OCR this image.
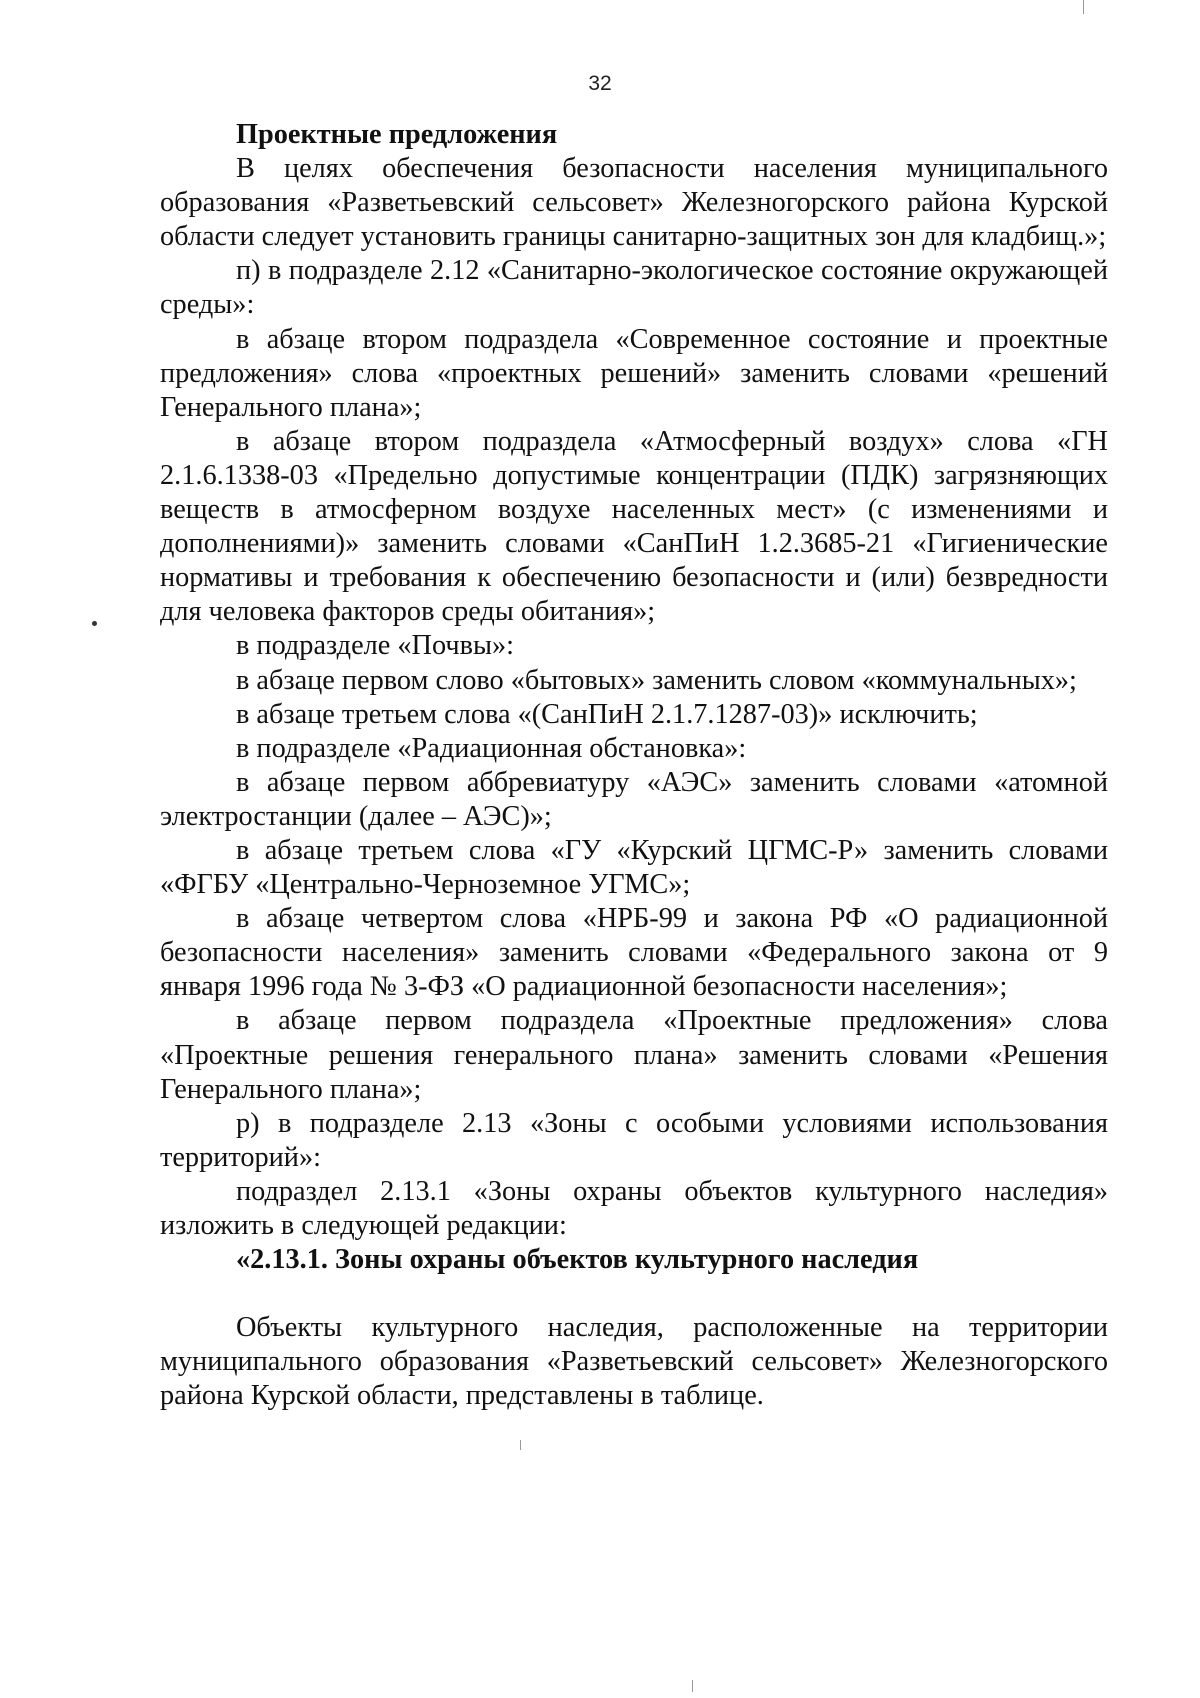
32

Проектные предложения

В целях обеспечения безопасности населения муниципального образования «Разветьевский сельсовет» Железногорского района Курской области следует установить границы санитарно-защитных зон для кладбищ.»;

п) в подразделе 2.12 «Санитарно-экологическое состояние окружающей среды»:

в абзаце втором подраздела «Современное состояние и проектные предложения» слова «проектных решений» заменить словами «решений Генерального плана»;

в абзаце втором подраздела «Атмосферный воздух» слова «ГН 2.1.6.1338-03 «Предельно допустимые концентрации (ПДК) загрязняющих веществ в атмосферном воздухе населенных мест» (с изменениями и дополнениями)» заменить словами «СанПиН 1.2.3685-21 «Гигиенические нормативы и требования к обеспечению безопасности и (или) безвредности для человека факторов среды обитания»;

в подразделе «Почвы»:

в абзаце первом слово «бытовых» заменить словом «коммунальных»;

в абзаце третьем слова «(СанПиН 2.1.7.1287-03)» исключить;

в подразделе «Радиационная обстановка»:

в абзаце первом аббревиатуру «АЭС» заменить словами «атомной электростанции (далее – АЭС)»;

в абзаце третьем слова «ГУ «Курский ЦГМС-Р» заменить словами «ФГБУ «Центрально-Черноземное УГМС»;

в абзаце четвертом слова «НРБ-99 и закона РФ «О радиационной безопасности населения» заменить словами «Федерального закона от 9 января 1996 года № 3-ФЗ «О радиационной безопасности населения»;

в абзаце первом подраздела «Проектные предложения» слова «Проектные решения генерального плана» заменить словами «Решения Генерального плана»;

р) в подразделе 2.13 «Зоны с особыми условиями использования территорий»:

подраздел 2.13.1 «Зоны охраны объектов культурного наследия» изложить в следующей редакции:

«2.13.1. Зоны охраны объектов культурного наследия

Объекты культурного наследия, расположенные на территории муниципального образования «Разветьевский сельсовет» Железногорского района Курской области, представлены в таблице.
